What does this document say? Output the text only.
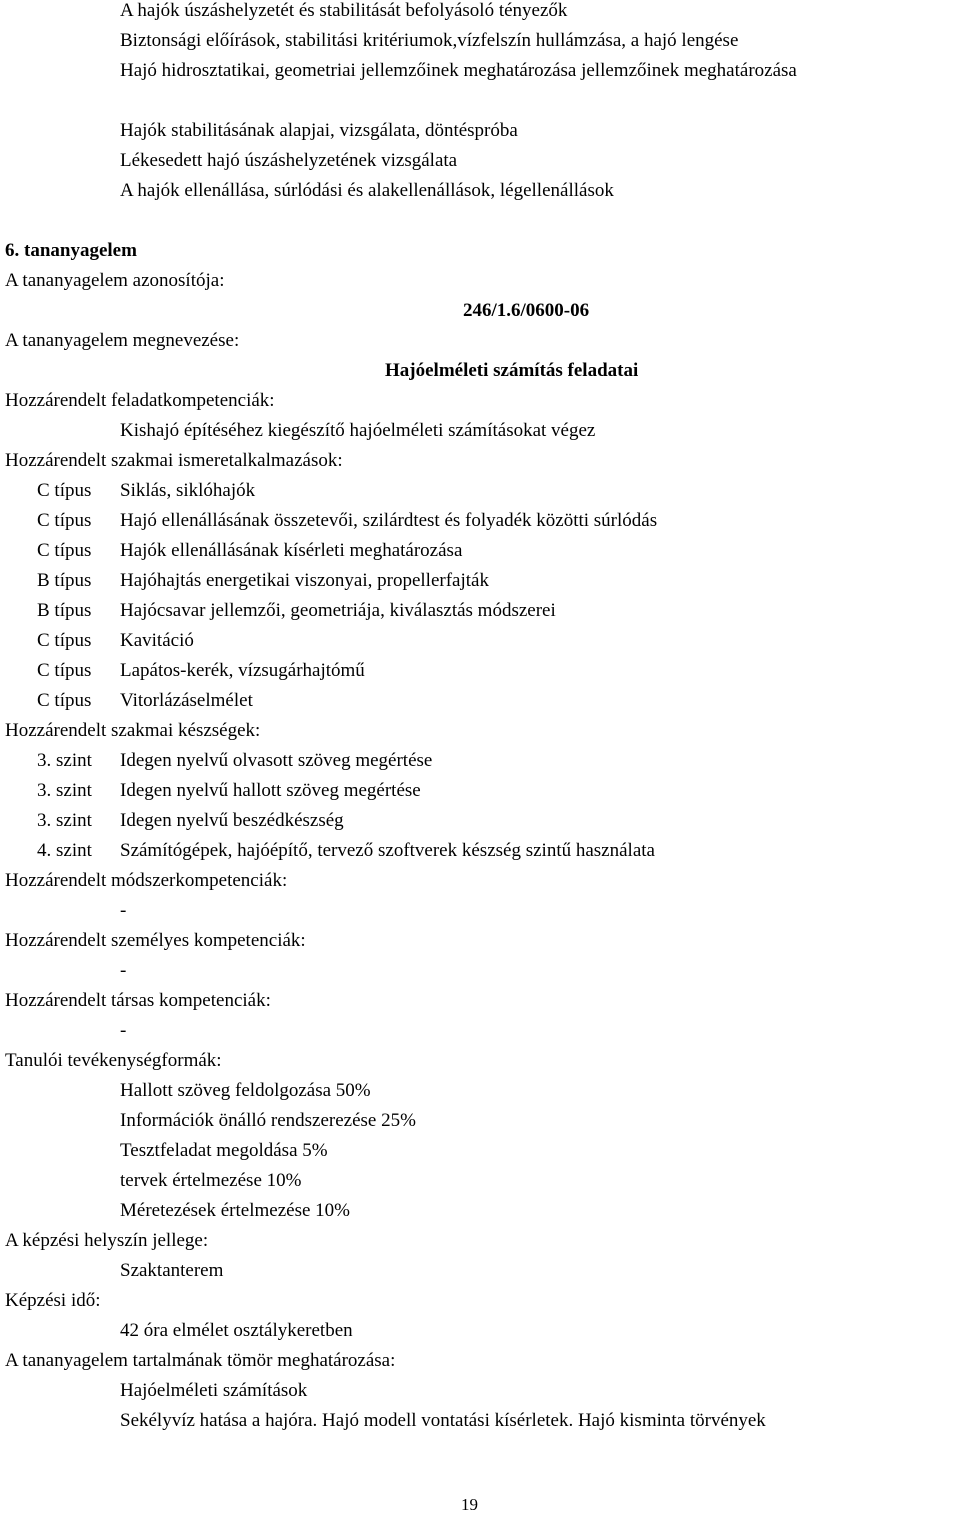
A hajók úszáshelyzetét és stabilitását befolyásoló tényezők
Biztonsági előírások, stabilitási kritériumok,vízfelszín hullámzása, a hajó lengése
Hajó hidrosztatikai, geometriai jellemzőinek meghatározása jellemzőinek meghatározása
Hajók stabilitásának alapjai, vizsgálata, döntéspróba
Lékesedett hajó úszáshelyzetének vizsgálata
A hajók ellenállása, súrlódási és alakellenállások, légellenállások
6. tananyagelem
A tananyagelem azonosítója:
246/1.6/0600-06
A tananyagelem megnevezése:
Hajóelméleti számítás feladatai
Hozzárendelt feladatkompetenciák:
Kishajó építéséhez kiegészítő hajóelméleti számításokat végez
Hozzárendelt szakmai ismeretalkalmazások:
C típus Siklás, siklóhajók
C típus Hajó ellenállásának összetevői, szilárdtest és folyadék közötti súrlódás
C típus Hajók ellenállásának kísérleti meghatározása
B típus Hajóhajtás energetikai viszonyai, propellerfajták
B típus Hajócsavar jellemzői, geometriája, kiválasztás módszerei
C típus Kavitáció
C típus Lapátos-kerék, vízsugárhajtómű
C típus Vitorlázáselmélet
Hozzárendelt szakmai készségek:
3. szint Idegen nyelvű olvasott szöveg megértése
3. szint Idegen nyelvű hallott szöveg megértése
3. szint Idegen nyelvű beszédkészség
4. szint Számítógépek, hajóépítő, tervező szoftverek készség szintű használata
Hozzárendelt módszerkompetenciák:
-
Hozzárendelt személyes kompetenciák:
-
Hozzárendelt társas kompetenciák:
-
Tanulói tevékenységformák:
Hallott szöveg feldolgozása 50%
Információk önálló rendszerezése 25%
Tesztfeladat megoldása 5%
tervek értelmezése 10%
Méretezések értelmezése 10%
A képzési helyszín jellege:
Szaktanterem
Képzési idő:
42 óra elmélet osztálykeretben
A tananyagelem tartalmának tömör meghatározása:
Hajóelméleti számítások
Sekélyvíz hatása a hajóra. Hajó modell vontatási kísérletek. Hajó kisminta törvények
19
